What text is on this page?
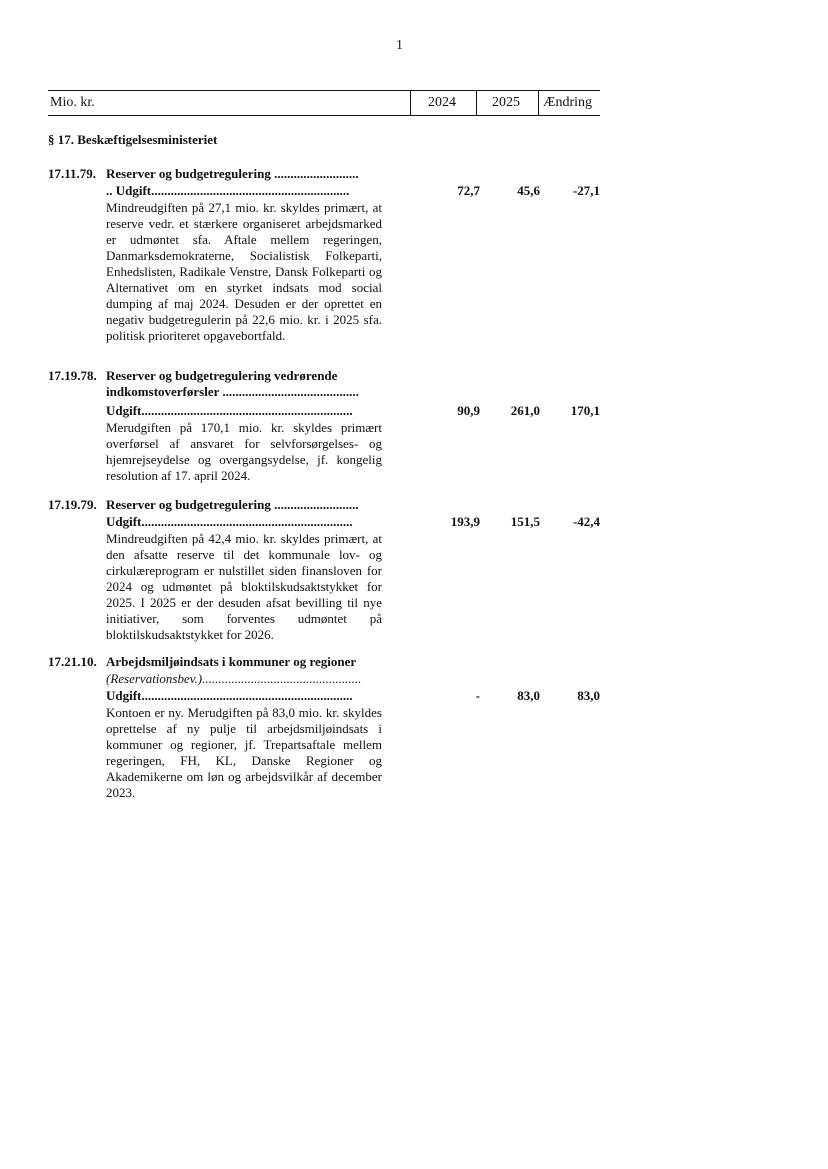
1
Mio. kr.	2024	2025 Ændring
§ 17. Beskæftigelsesministeriet
17.11.79. Reserver og budgetregulering ..........................
.. Udgift.............................................................	72,7	45,6	-27,1
Mindreudgiften på 27,1 mio. kr. skyldes primært, at reserve vedr. et stærkere organiseret arbejdsmarked er udmøntet sfa. Aftale mellem regeringen, Danmarksdemokraterne, Socialistisk Folkeparti, Enhedslisten, Radikale Venstre, Dansk Folkeparti og Alternativet om en styrket indsats mod social dumping af maj 2024. Desuden er der oprettet en negativ budgetregulerin på 22,6 mio. kr. i 2025 sfa. politisk prioriteret opgavebortfald.
17.19.78. Reserver og budgetregulering vedrørende indkomstoverførsler ..........................................
Udgift.................................................................	90,9	261,0	170,1
Merudgiften på 170,1 mio. kr. skyldes primært overførsel af ansvaret for selvforsørgelses- og hjemrejseydelse og overgangsydelse, jf. kongelig resolution af 17. april 2024.
17.19.79. Reserver og budgetregulering ..........................
Udgift.................................................................	193,9	151,5	-42,4
Mindreudgiften på 42,4 mio. kr. skyldes primært, at den afsatte reserve til det kommunale lov- og cirkulæreprogram er nulstillet siden finansloven for 2024 og udmøntet på bloktilskudsaktstykket for 2025. I 2025 er der desuden afsat bevilling til nye initiativer, som forventes udmøntet på bloktilskudsaktstykket for 2026.
17.21.10. Arbejdsmiljøindsats i kommuner og regioner
(Reservationsbev.).................................................
Udgift.................................................................	-	83,0	83,0
Kontoen er ny. Merudgiften på 83,0 mio. kr. skyldes oprettelse af ny pulje til arbejdsmiljøindsats i kommuner og regioner, jf. Trepartsaftale mellem regeringen, FH, KL, Danske Regioner og Akademikerne om løn og arbejdsvilkår af december 2023.
